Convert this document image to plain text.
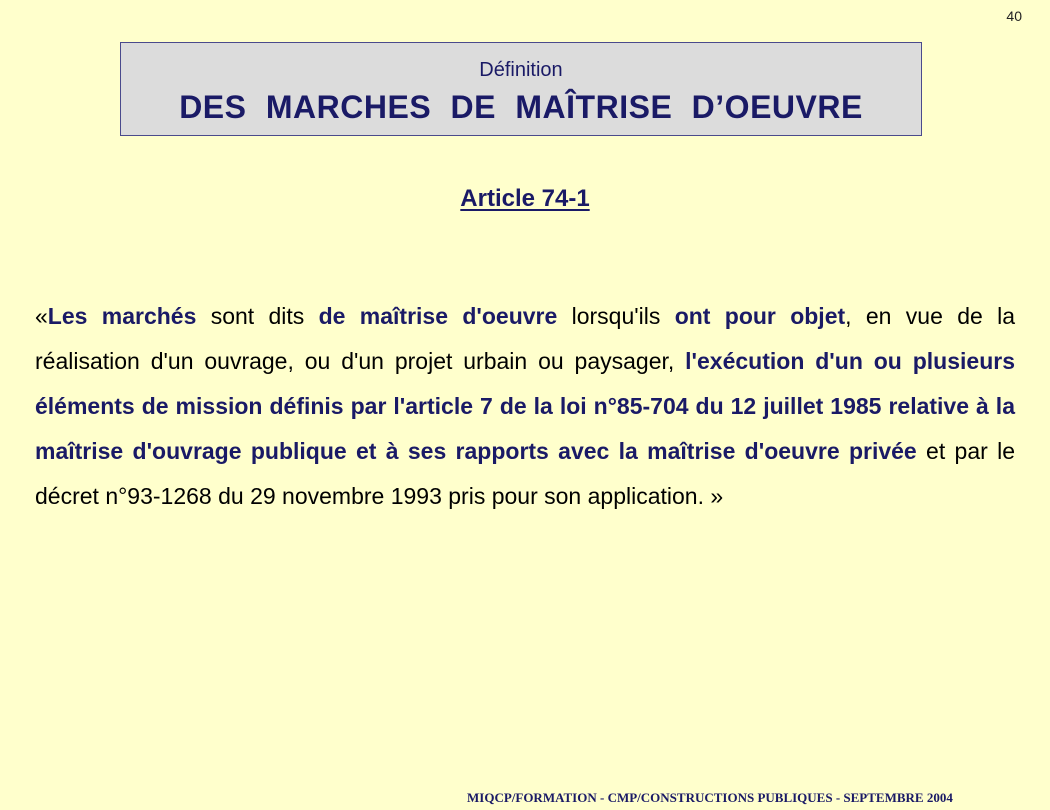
40
Définition
DES MARCHES DE MAÎTRISE D’OEUVRE
Article 74‑1

«Les marchés sont dits de maîtrise d'oeuvre lorsqu'ils ont pour objet, en vue de la réalisation d'un ouvrage, ou d'un projet urbain ou paysager, l'exécution d'un ou plusieurs éléments de mission définis par l'article 7 de la loi n°85‑704 du 12 juillet 1985 relative à la maîtrise d'ouvrage publique et à ses rapports avec la maîtrise d'oeuvre privée et par le décret n°93‑1268 du 29 novembre 1993 pris pour son application. »

MIQCP/FORMATION ‑ CMP/CONSTRUCTIONS PUBLIQUES ‑ SEPTEMBRE 2004
